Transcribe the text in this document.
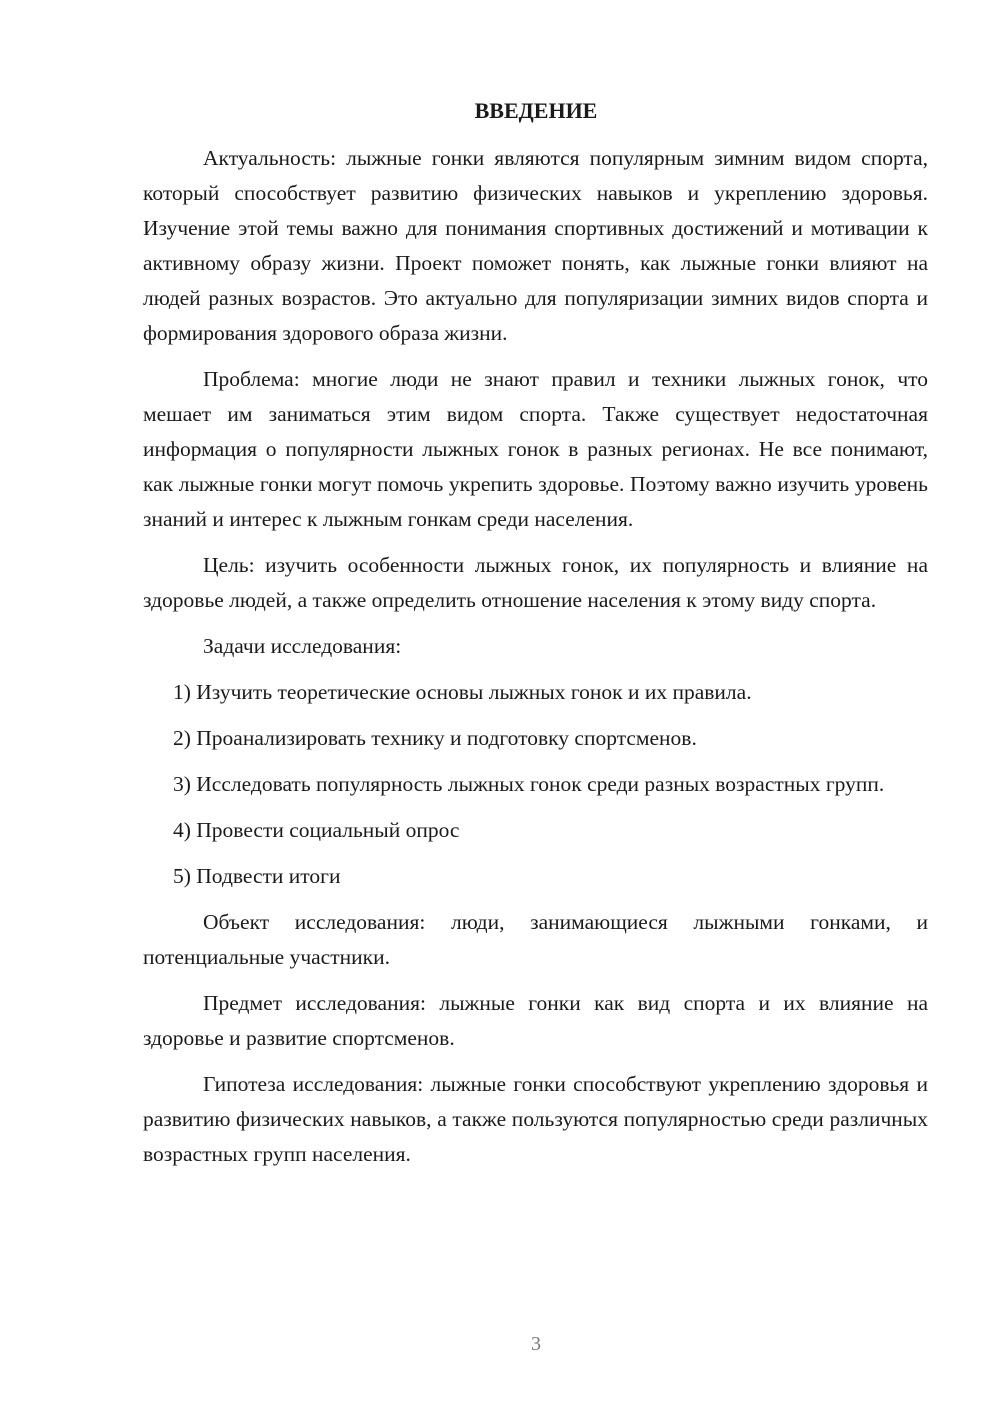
ВВЕДЕНИЕ

Актуальность: лыжные гонки являются популярным зимним видом спорта, который способствует развитию физических навыков и укреплению здоровья. Изучение этой темы важно для понимания спортивных достижений и мотивации к активному образу жизни. Проект поможет понять, как лыжные гонки влияют на людей разных возрастов. Это актуально для популяризации зимних видов спорта и формирования здорового образа жизни.

Проблема: многие люди не знают правил и техники лыжных гонок, что мешает им заниматься этим видом спорта. Также существует недостаточная информация о популярности лыжных гонок в разных регионах. Не все понимают, как лыжные гонки могут помочь укрепить здоровье. Поэтому важно изучить уровень знаний и интерес к лыжным гонкам среди населения.

Цель: изучить особенности лыжных гонок, их популярность и влияние на здоровье людей, а также определить отношение населения к этому виду спорта.

Задачи исследования:

1) Изучить теоретические основы лыжных гонок и их правила.

2) Проанализировать технику и подготовку спортсменов.

3) Исследовать популярность лыжных гонок среди разных возрастных групп.

4) Провести социальный опрос

5) Подвести итоги

Объект исследования: люди, занимающиеся лыжными гонками, и потенциальные участники.

Предмет исследования: лыжные гонки как вид спорта и их влияние на здоровье и развитие спортсменов.

Гипотеза исследования: лыжные гонки способствуют укреплению здоровья и развитию физических навыков, а также пользуются популярностью среди различных возрастных групп населения.

3
